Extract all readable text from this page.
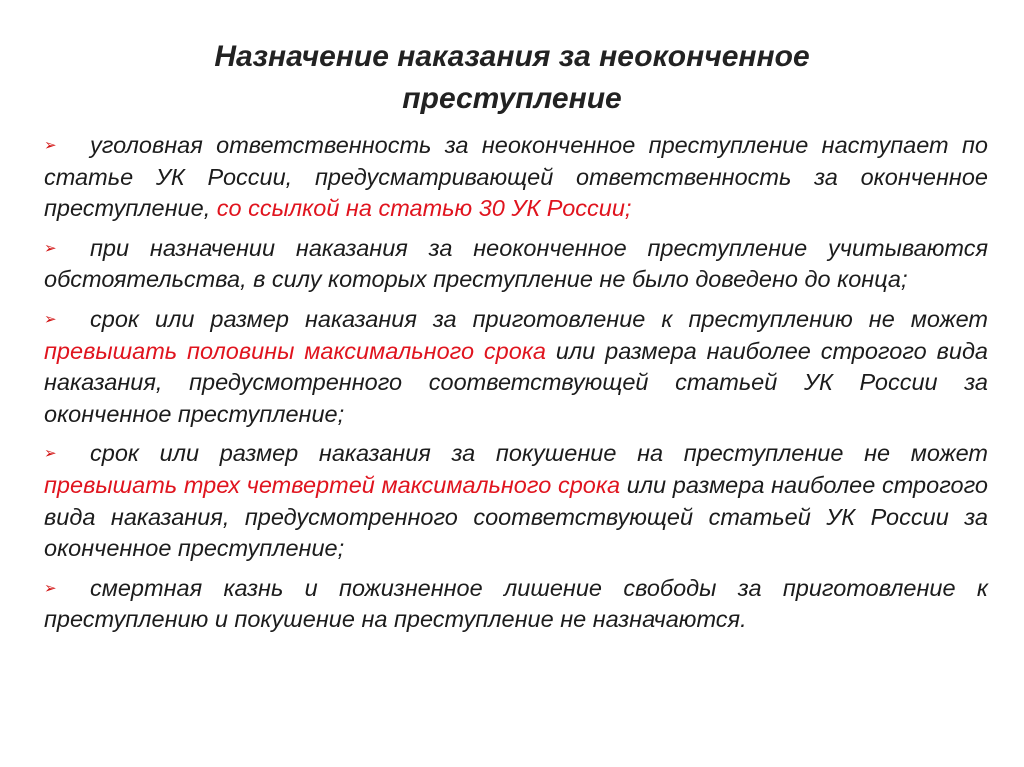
Назначение наказания за неоконченное
преступление
➢ уголовная ответственность за неоконченное преступление наступает по статье УК России, предусматривающей ответственность за оконченное преступление, со ссылкой на статью 30 УК России;
➢ при назначении наказания за неоконченное преступление учитываются обстоятельства, в силу которых преступление не было доведено до конца;
➢ срок или размер наказания за приготовление к преступлению не может превышать половины максимального срока или размера наиболее строгого вида наказания, предусмотренного соответствующей статьей УК России за оконченное преступление;
➢ срок или размер наказания за покушение на преступление не может превышать трех четвертей максимального срока или размера наиболее строгого вида наказания, предусмотренного соответствующей статьей УК России за оконченное преступление;
➢ смертная казнь и пожизненное лишение свободы за приготовление к преступлению и покушение на преступление не назначаются.
